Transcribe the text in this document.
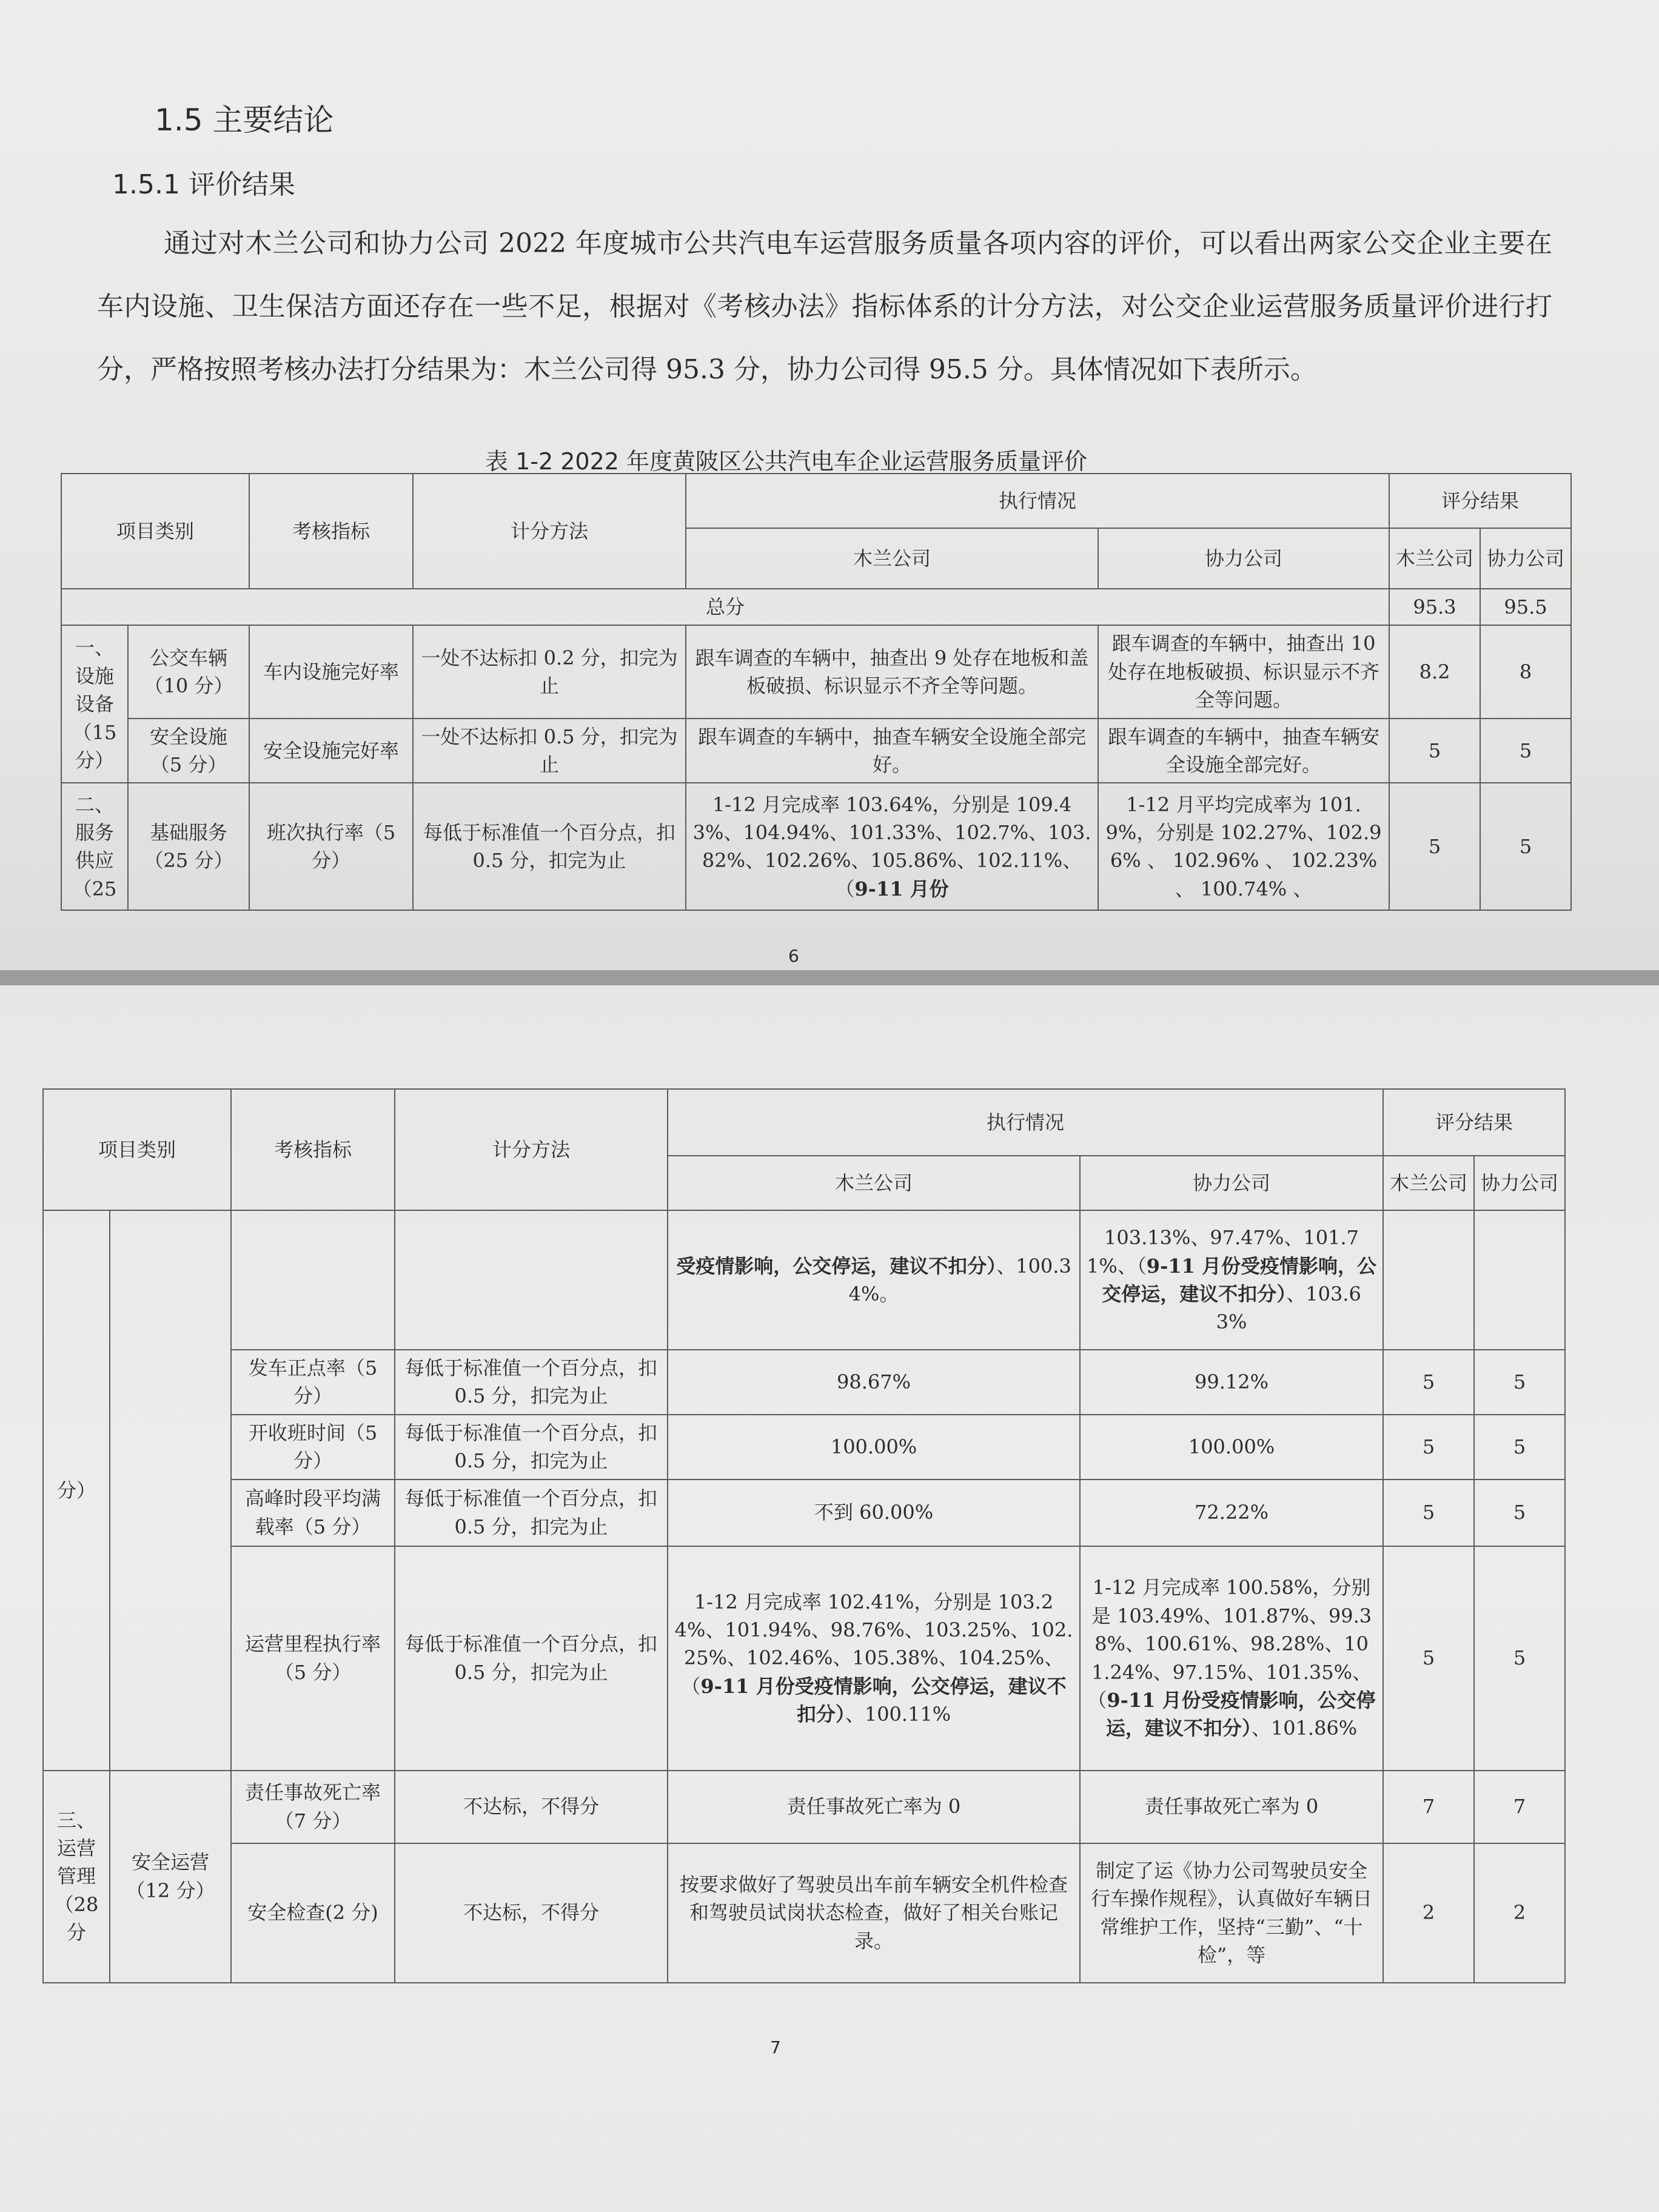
1.5 主要结论
1.5.1 评价结果
通过对木兰公司和协力公司 2022 年度城市公共汽电车运营服务质量各项内容的评价，可以看出两家公交企业主要在车内设施、卫生保洁方面还存在一些不足，根据对《考核办法》指标体系的计分方法，对公交企业运营服务质量评价进行打分，严格按照考核办法打分结果为：木兰公司得 95.3 分，协力公司得 95.5 分。具体情况如下表所示。
表 1-2 2022 年度黄陂区公共汽电车企业运营服务质量评价
项目类别		考核指标	计分方法	执行情况		评分结果	
				木兰公司	协力公司	木兰公司	协力公司
总分						95.3	95.5
一、设施设备（15分）	公交车辆（10 分）	车内设施完好率	一处不达标扣 0.2 分，扣完为止	跟车调查的车辆中，抽查出 9 处存在地板和盖板破损、标识显示不齐全等问题。	跟车调查的车辆中，抽查出 10 处存在地板破损、标识显示不齐全等问题。	8.2	8
	安全设施（5 分）	安全设施完好率	一处不达标扣 0.5 分，扣完为止	跟车调查的车辆中，抽查车辆安全设施全部完好。	跟车调查的车辆中，抽查车辆安全设施全部完好。	5	5
二、服务供应（25	基础服务（25 分）	班次执行率（5 分）	每低于标准值一个百分点，扣 0.5 分，扣完为止	1-12 月完成率 103.64%，分别是 109.43%、104.94%、101.33%、102.7%、103.82%、102.26%、105.86%、102.11%、（9-11 月份	1-12 月平均完成率为 101.9%，分别是 102.27%、102.96% 、 102.96% 、 102.23% 、 100.74% 、	5	5
6
项目类别		考核指标	计分方法	执行情况		评分结果	
				木兰公司	协力公司	木兰公司	协力公司
分）				受疫情影响，公交停运，建议不扣分）、100.34%。	103.13%、97.47%、101.71%、（9-11 月份受疫情影响，公交停运，建议不扣分）、103.63%		
		发车正点率（5 分）	每低于标准值一个百分点，扣 0.5 分，扣完为止	98.67%	99.12%	5	5
		开收班时间（5 分）	每低于标准值一个百分点，扣 0.5 分，扣完为止	100.00%	100.00%	5	5
		高峰时段平均满载率（5 分）	每低于标准值一个百分点，扣 0.5 分，扣完为止	不到 60.00%	72.22%	5	5
		运营里程执行率（5 分）	每低于标准值一个百分点，扣 0.5 分，扣完为止	1-12 月完成率 102.41%，分别是 103.24%、101.94%、98.76%、103.25%、102.25%、102.46%、105.38%、104.25%、（9-11 月份受疫情影响，公交停运，建议不扣分）、100.11%	1-12 月完成率 100.58%，分别是 103.49%、101.87%、99.38%、100.61%、98.28%、101.24%、97.15%、101.35%、（9-11 月份受疫情影响，公交停运，建议不扣分）、101.86%	5	5

三、运营管理（28分	安全运营（12 分）	责任事故死亡率（7 分）	不达标，不得分	责任事故死亡率为 0	责任事故死亡率为 0	7	7
		安全检查(2 分)	不达标，不得分	按要求做好了驾驶员出车前车辆安全机件检查和驾驶员试岗状态检查，做好了相关台账记录。	制定了运《协力公司驾驶员安全行车操作规程》，认真做好车辆日常维护工作，坚持“三勤”、“十检”，等	2	2
7
